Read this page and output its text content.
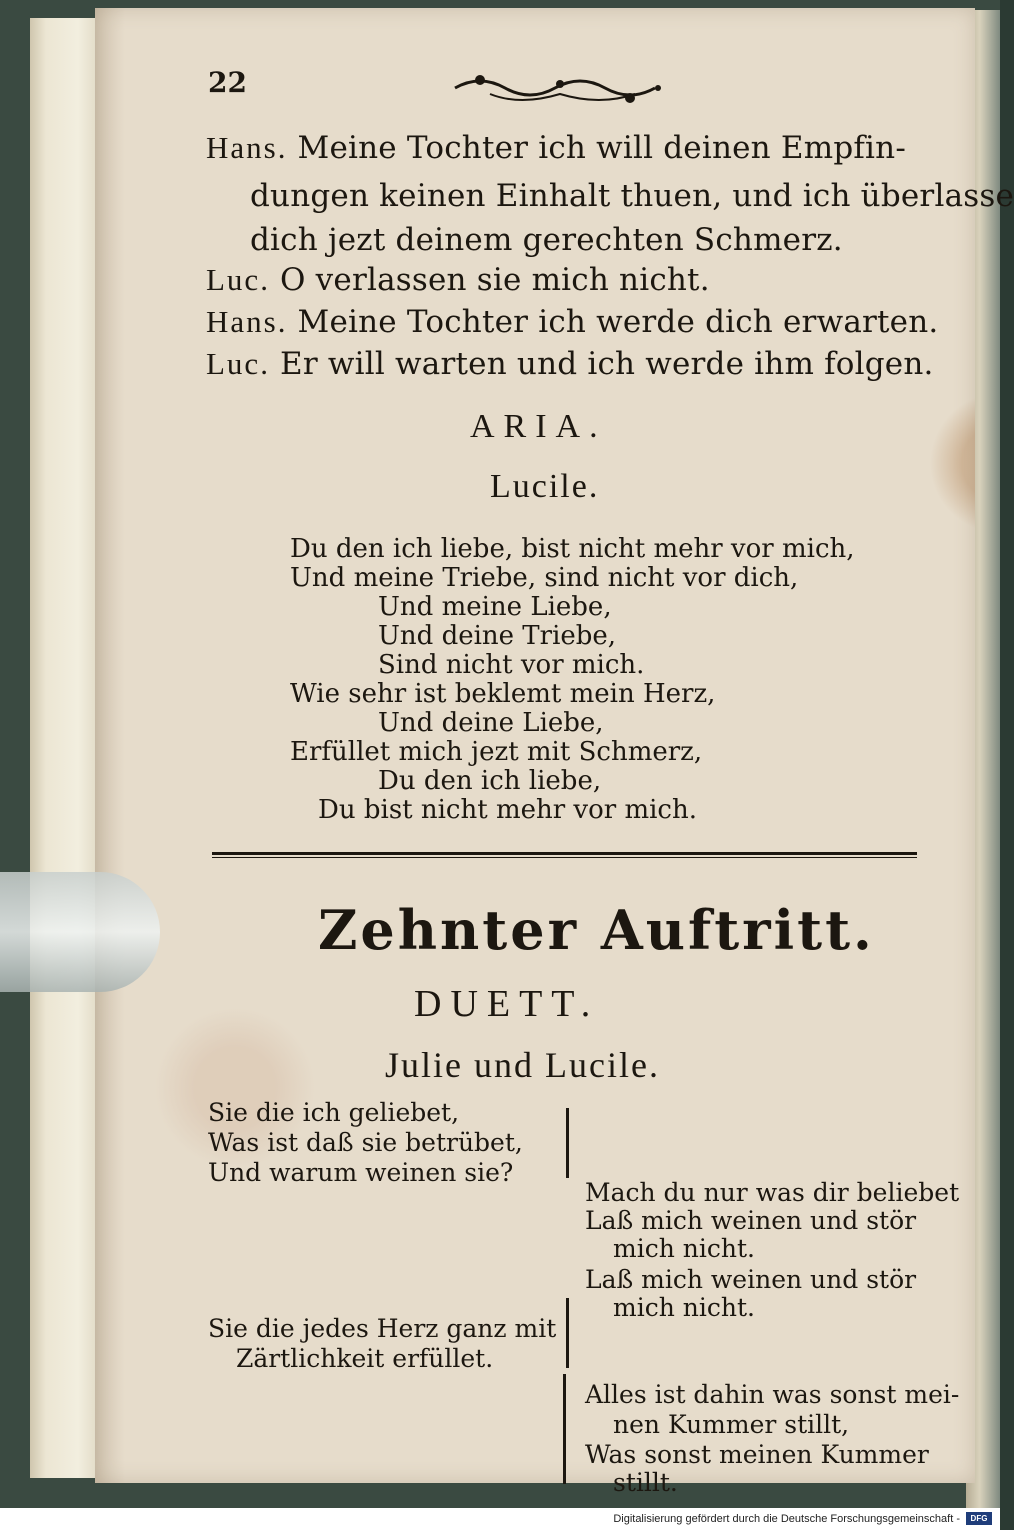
22
Hans. Meine Tochter ich will deinen Empfin-
dungen keinen Einhalt thuen, und ich überlasse
dich jezt deinem gerechten Schmerz.
Luc. O verlassen sie mich nicht.
Hans. Meine Tochter ich werde dich erwarten.
Luc. Er will warten und ich werde ihm folgen.
ARIA.
Lucile.
Du den ich liebe, bist nicht mehr vor mich,
Und meine Triebe, sind nicht vor dich,
Und meine Liebe,
Und deine Triebe,
Sind nicht vor mich.
Wie sehr ist beklemt mein Herz,
Und deine Liebe,
Erfüllet mich jezt mit Schmerz,
Du den ich liebe,
Du bist nicht mehr vor mich.
Zehnter Auftritt.
DUETT.
Julie und Lucile.
Sie die ich geliebet,
Was ist daß sie betrübet,
Und warum weinen sie?
Sie die jedes Herz ganz mit
Zärtlichkeit erfüllet.
Mach du nur was dir beliebet
Laß mich weinen und stör
mich nicht.
Laß mich weinen und stör
mich nicht.
Alles ist dahin was sonst mei-
nen Kummer stillt,
Was sonst meinen Kummer
Digitalisierung gefördert durch die Deutsche Forschungsgemeinschaft -	DFG
